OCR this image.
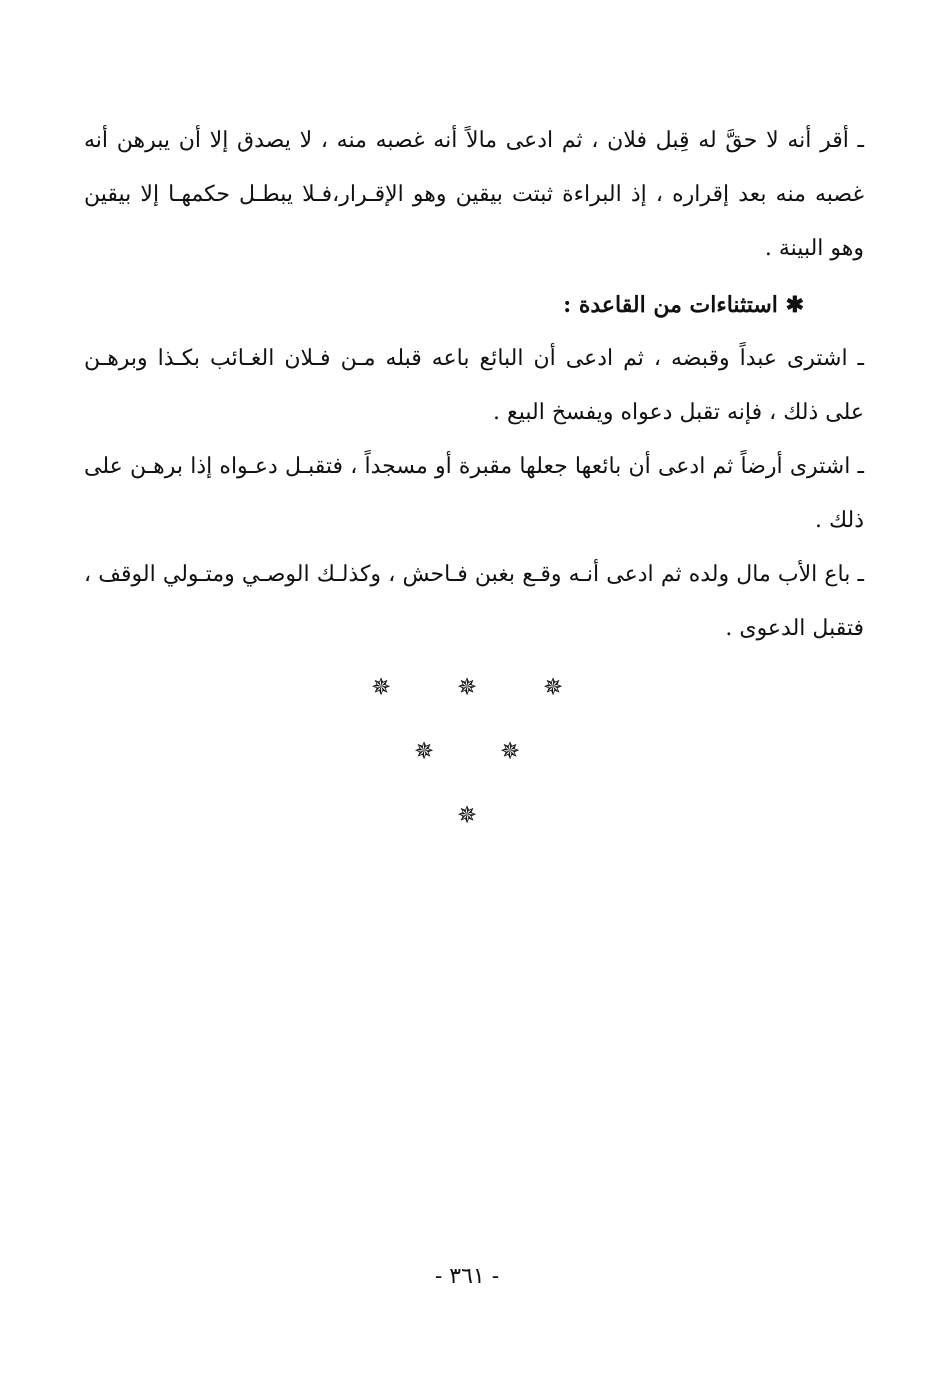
ـ أقر أنه لا حقَّ له قِبل فلان ، ثم ادعى مالاً أنه غصبه منه ، لا يصدق إلا أن يبرهن أنه غصبه منه بعد إقراره ، إذ البراءة ثبتت بيقين وهو الإقـرار،فـلا يبطـل حكمهـا إلا بيقين وهو البينة .

✱ استثناءات من القاعدة :

ـ اشترى عبداً وقبضه ، ثم ادعى أن البائع باعه قبله مـن فـلان الغـائب بكـذا وبرهـن على ذلك ، فإنه تقبل دعواه ويفسخ البيع .

ـ اشترى أرضاً ثم ادعى أن بائعها جعلها مقبرة أو مسجداً ، فتقبـل دعـواه إذا برهـن على ذلك .

ـ باع الأب مال ولده ثم ادعى أنـه وقـع بغبن فـاحش ، وكذلـك الوصـي ومتـولي الوقف ، فتقبل الدعوى .

✵	✵	✵
✵	✵
✵
- ٣٦١ -
